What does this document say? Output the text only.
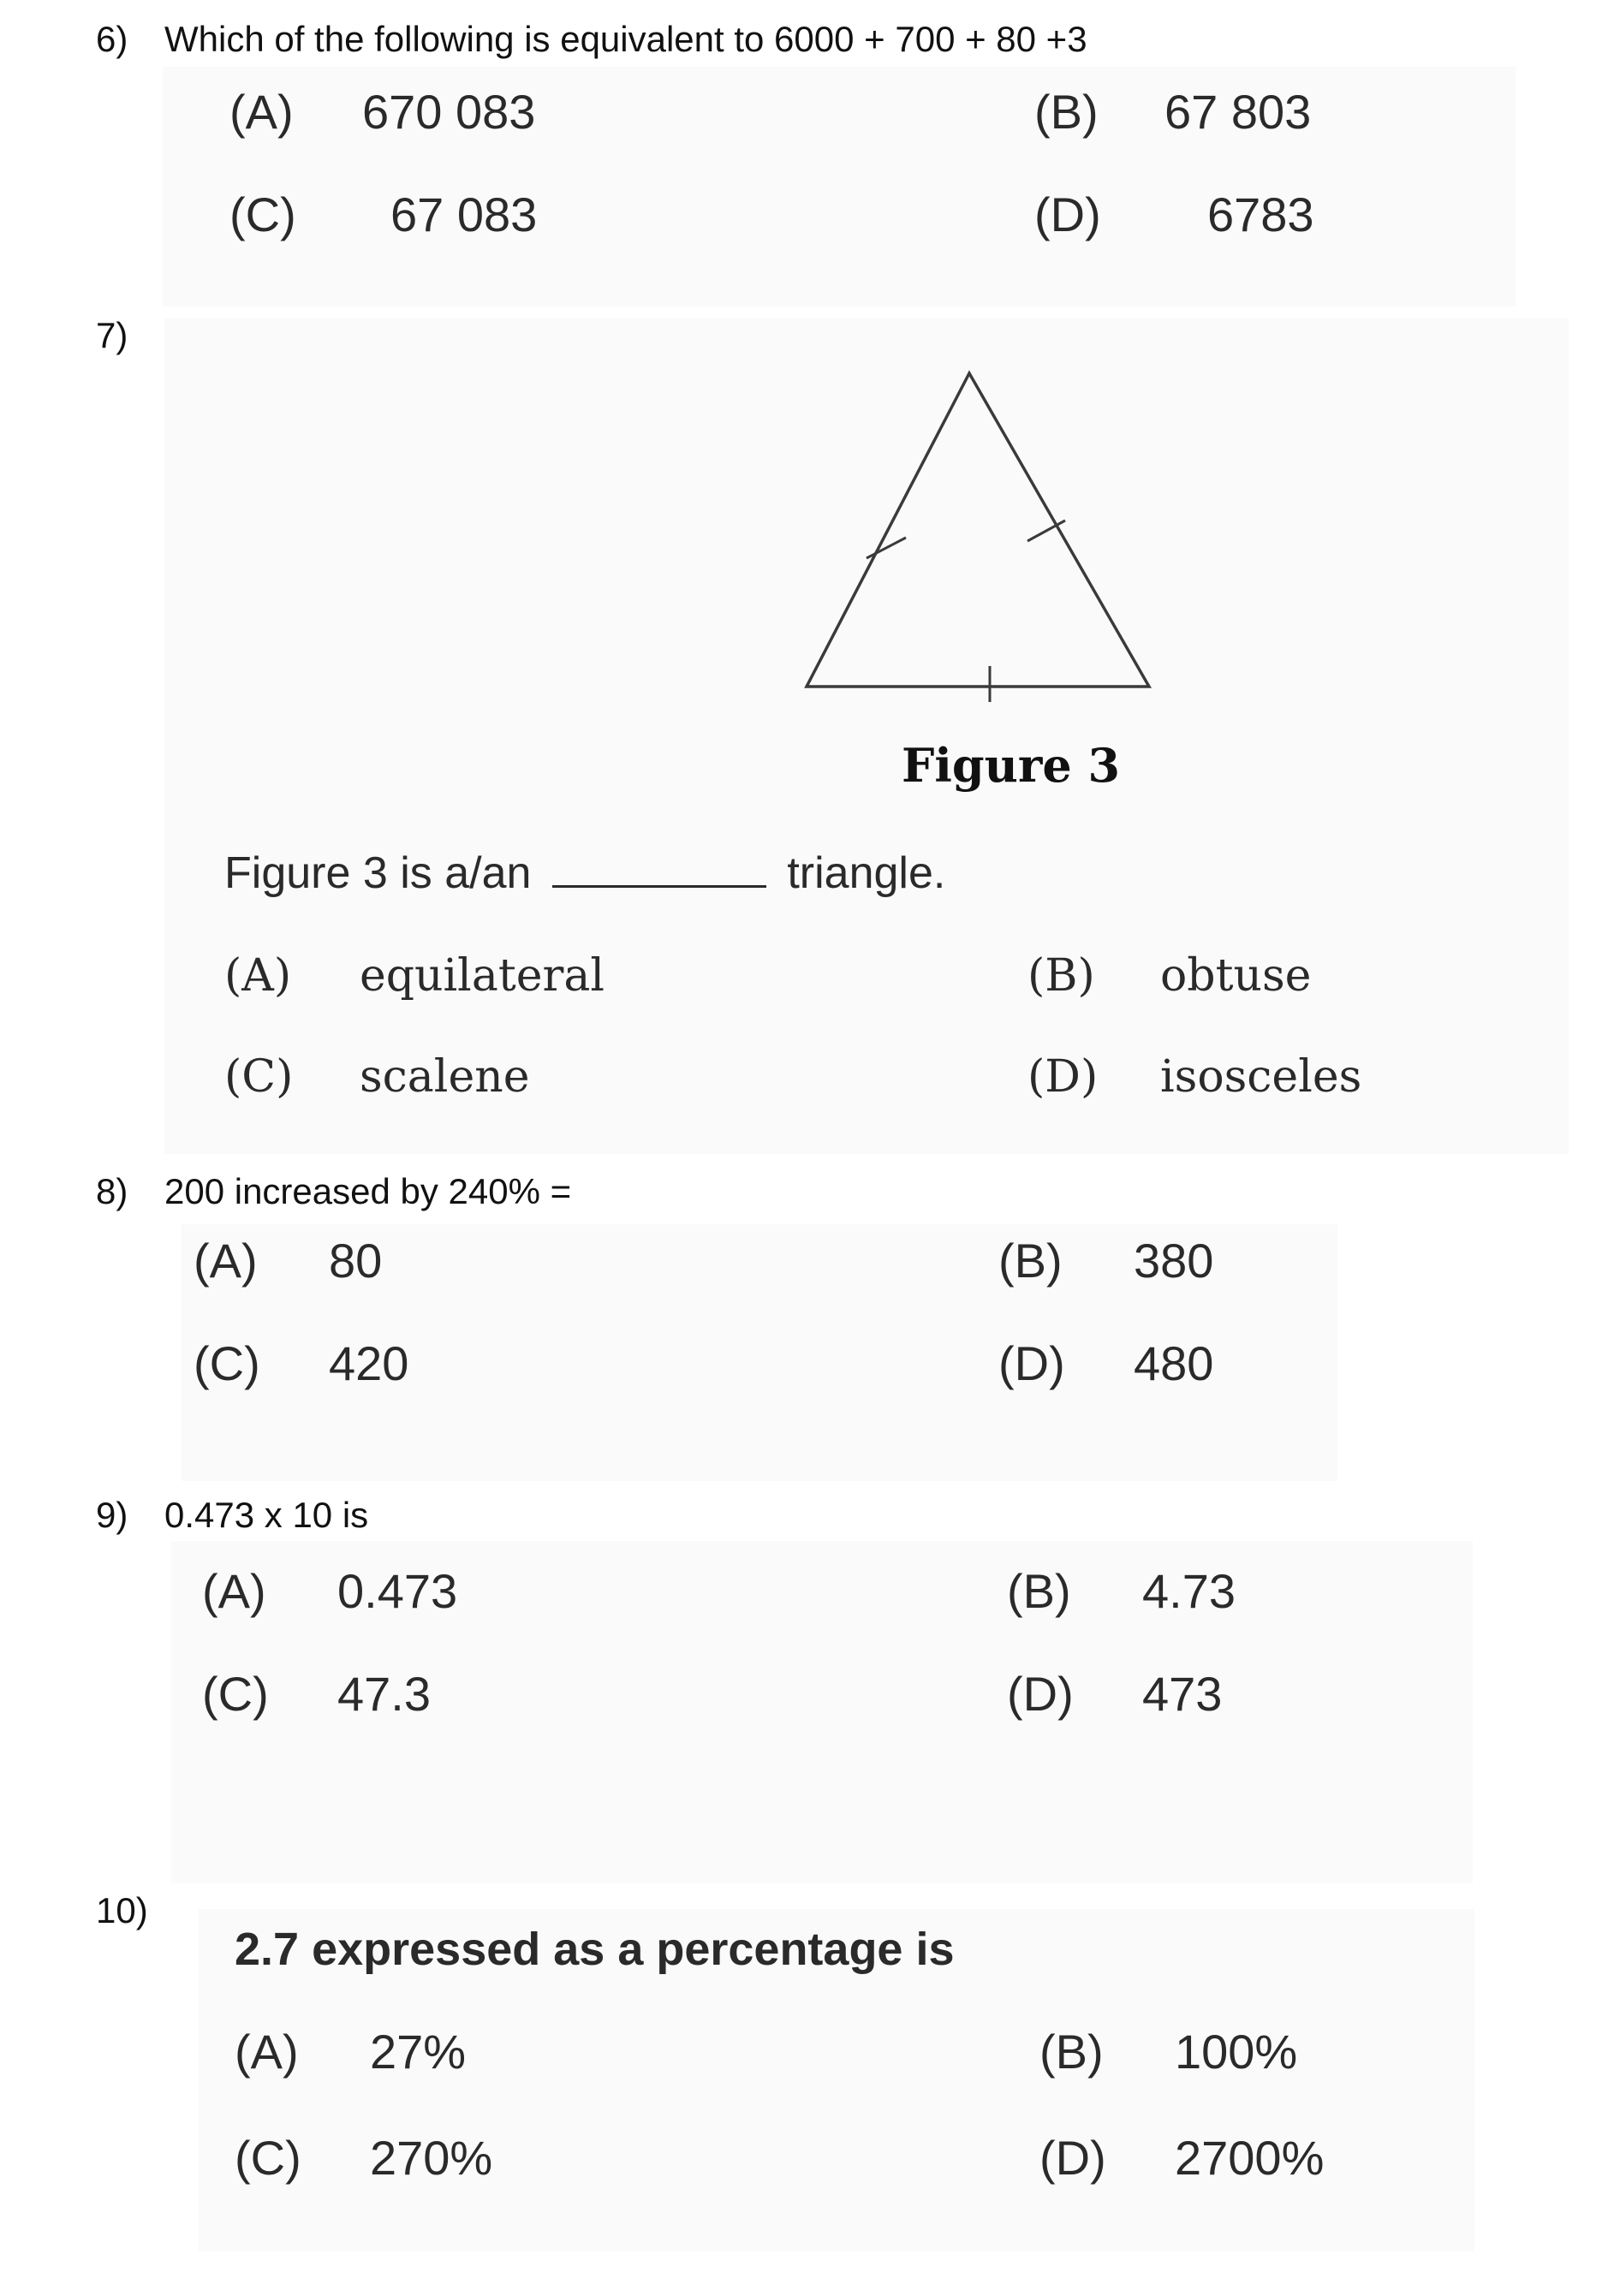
6) Which of the following is equivalent to 6000 + 700 + 80 +3
(A)	670 083	(B)	67 803
(C)	67 083	(D)	6783
7)
Figure 3
Figure 3 is a/an	triangle.
(A)	equilateral	(B)	obtuse
(C)	scalene	(D)	isosceles
8) 200 increased by 240% =
(A)	80	(B)	380
(C)	420	(D)	480
9) 0.473 x 10 is
(A)	0.473	(B)	4.73
(C)	47.3	(D)	473
10)
2.7 expressed as a percentage is
(A)	27%	(B)	100%
(C)	270%	(D)	2700%
